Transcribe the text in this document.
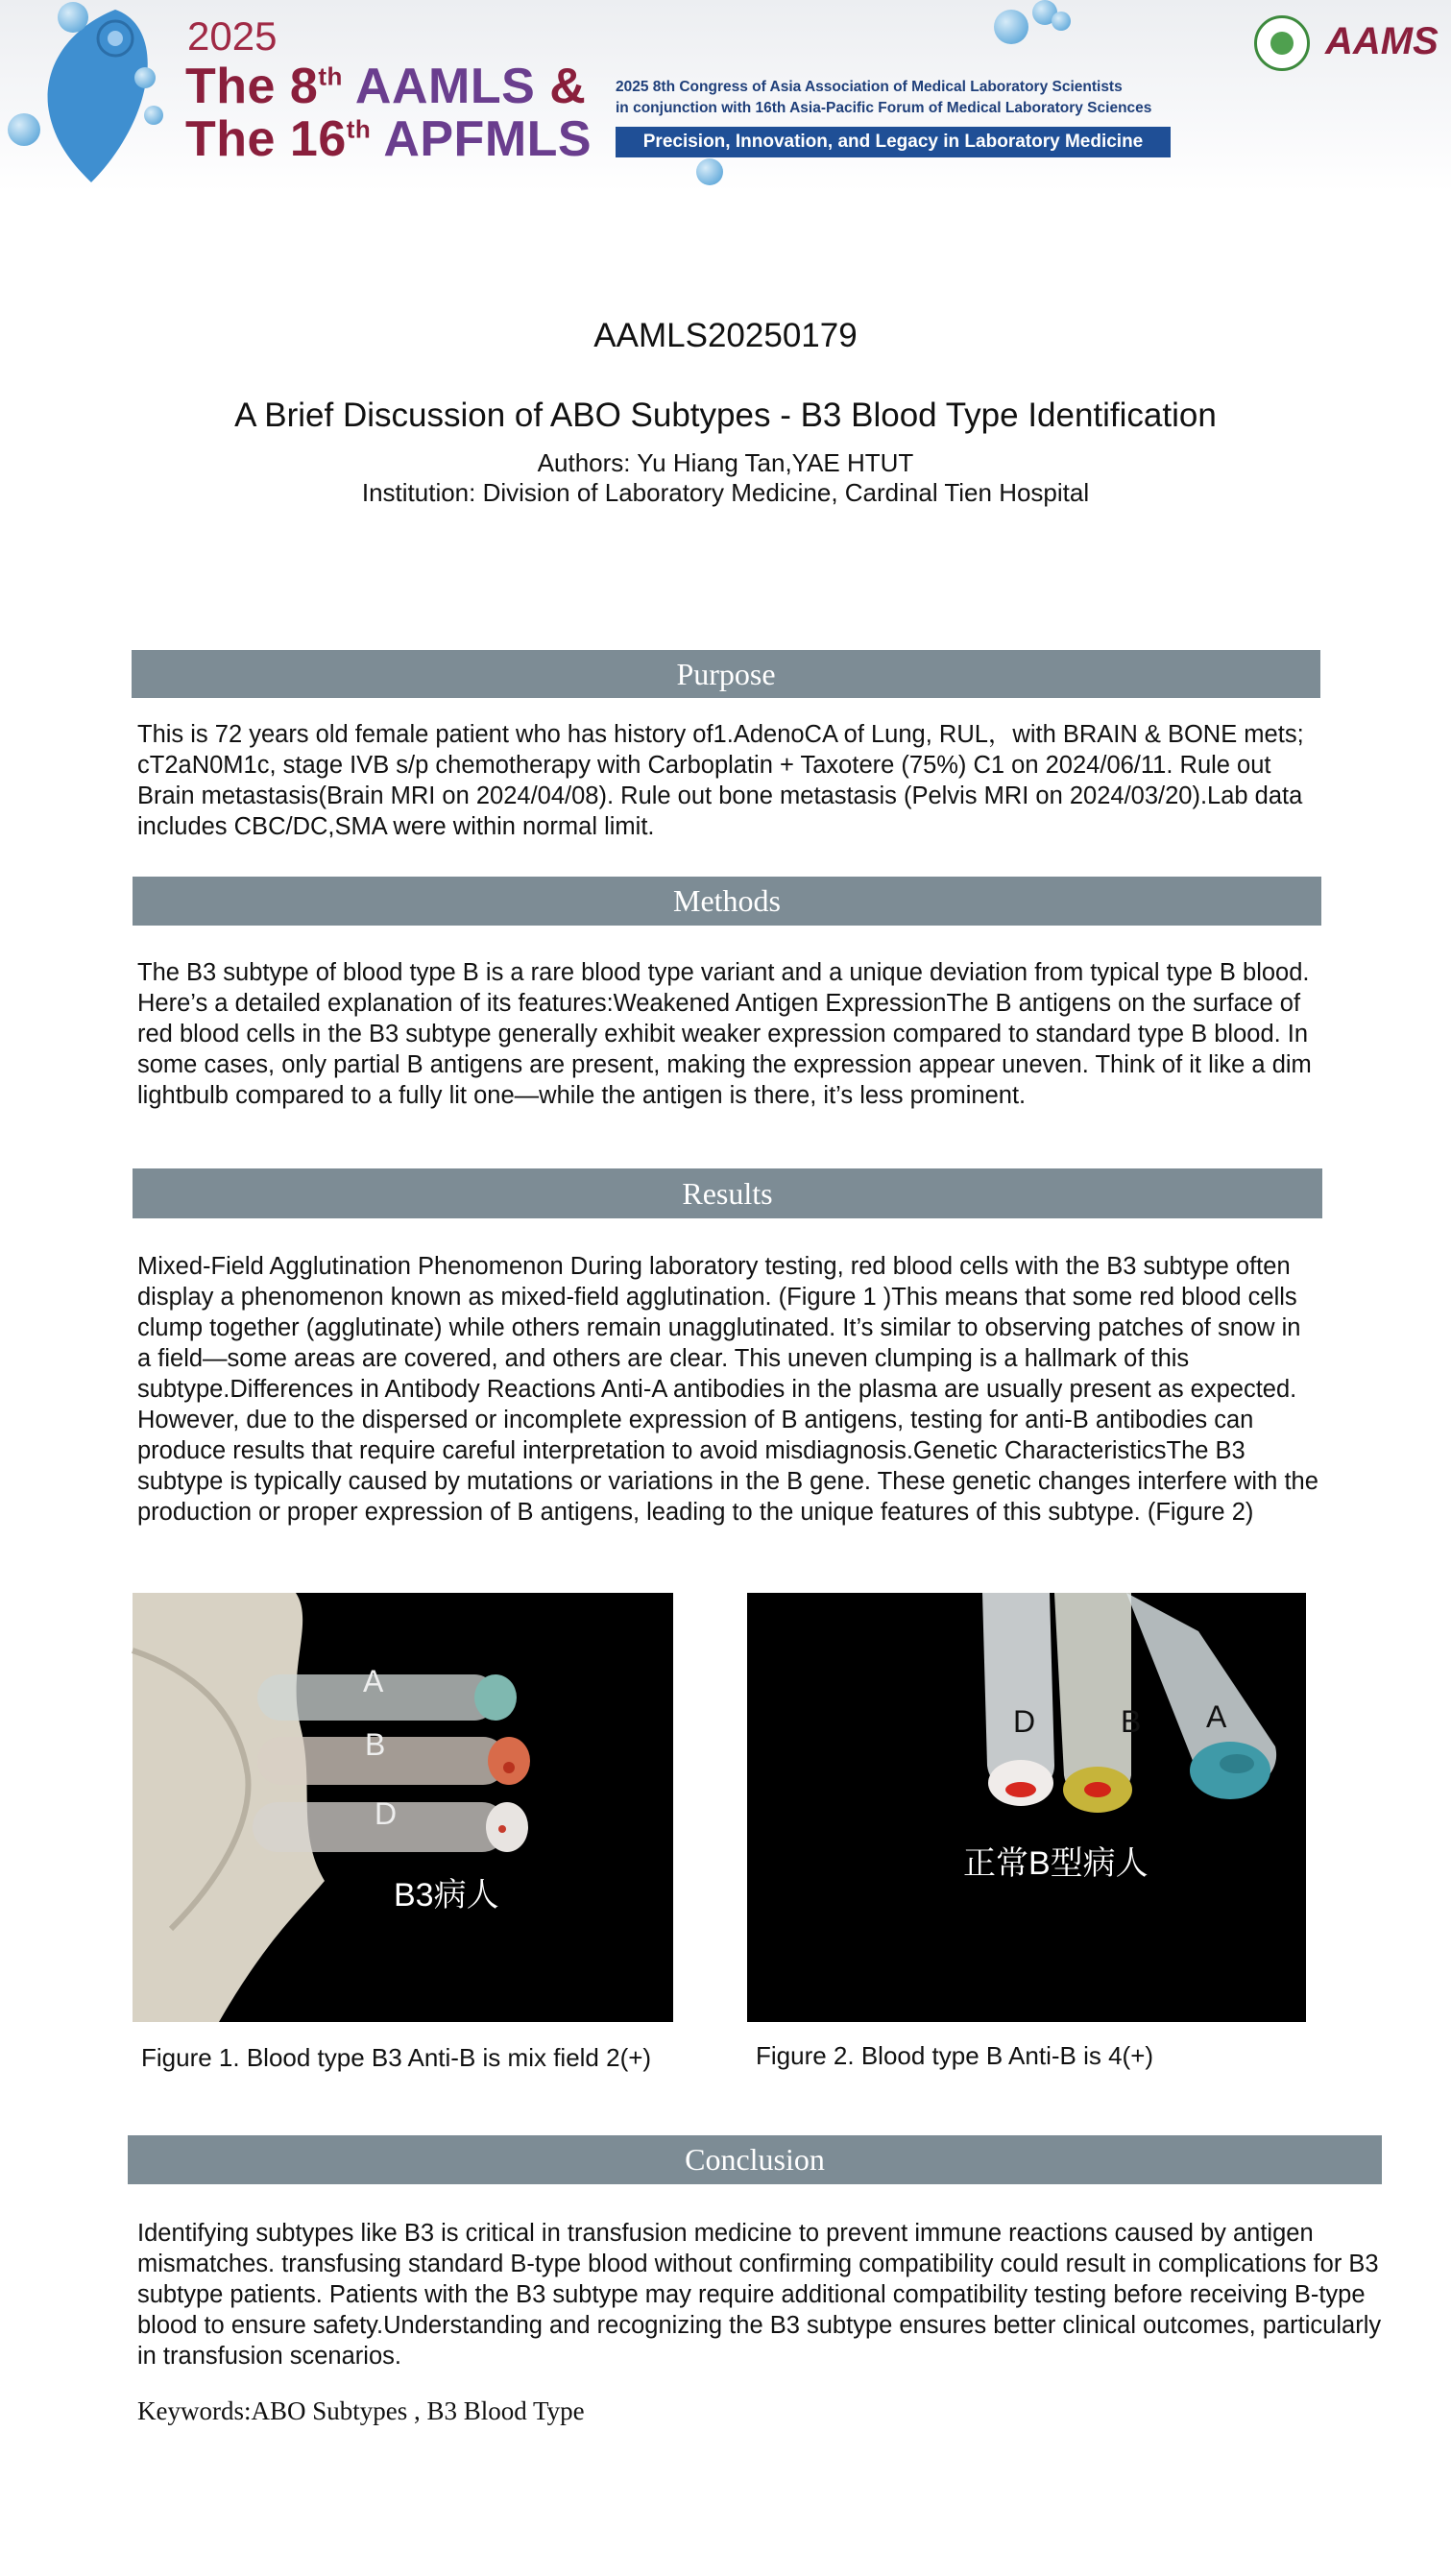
2025
The 8th AAMLS &
The 16th APFMLS
2025 8th Congress of Asia Association of Medical Laboratory Scientists
in conjunction with 16th Asia-Pacific Forum of Medical Laboratory Sciences
Precision, Innovation, and Legacy in Laboratory Medicine
AAMS
AAMLS20250179
A Brief Discussion of ABO Subtypes - B3 Blood Type Identification
Authors: Yu Hiang Tan,YAE HTUT
Institution: Division of Laboratory Medicine, Cardinal Tien Hospital
Purpose
This is 72 years old female patient who has history of1.AdenoCA of Lung, RUL，with BRAIN & BONE mets; cT2aN0M1c, stage IVB s/p chemotherapy with Carboplatin + Taxotere (75%) C1 on 2024/06/11. Rule out Brain metastasis(Brain MRI on 2024/04/08). Rule out bone metastasis (Pelvis MRI on 2024/03/20).Lab data includes CBC/DC,SMA were within normal limit.
Methods
The B3 subtype of blood type B is a rare blood type variant and a unique deviation from typical type B blood. Here’s a detailed explanation of its features:Weakened Antigen ExpressionThe B antigens on the surface of red blood cells in the B3 subtype generally exhibit weaker expression compared to standard type B blood. In some cases, only partial B antigens are present, making the expression appear uneven. Think of it like a dim lightbulb compared to a fully lit one—while the antigen is there, it’s less prominent.
Results
Mixed-Field Agglutination Phenomenon During laboratory testing, red blood cells with the B3 subtype often display a phenomenon known as mixed-field agglutination. (Figure 1 )This means that some red blood cells clump together (agglutinate) while others remain unagglutinated. It’s similar to observing patches of snow in a field—some areas are covered, and others are clear. This uneven clumping is a hallmark of this subtype.Differences in Antibody Reactions Anti-A antibodies in the plasma are usually present as expected. However, due to the dispersed or incomplete expression of B antigens, testing for anti-B antibodies can produce results that require careful interpretation to avoid misdiagnosis.Genetic CharacteristicsThe B3 subtype is typically caused by mutations or variations in the B gene. These genetic changes interfere with the production or proper expression of B antigens, leading to the unique features of this subtype. (Figure 2)
A
B
D
B3病人
Figure 1. Blood type B3 Anti-B is mix field 2(+)
D	B A
正常B型病人
Figure 2. Blood type B Anti-B is 4(+)
Conclusion
Identifying subtypes like B3 is critical in transfusion medicine to prevent immune reactions caused by antigen mismatches. transfusing standard B-type blood without confirming compatibility could result in complications for B3 subtype patients. Patients with the B3 subtype may require additional compatibility testing before receiving B-type blood to ensure safety.Understanding and recognizing the B3 subtype ensures better clinical outcomes, particularly in transfusion scenarios.
Keywords:ABO Subtypes , B3 Blood Type
